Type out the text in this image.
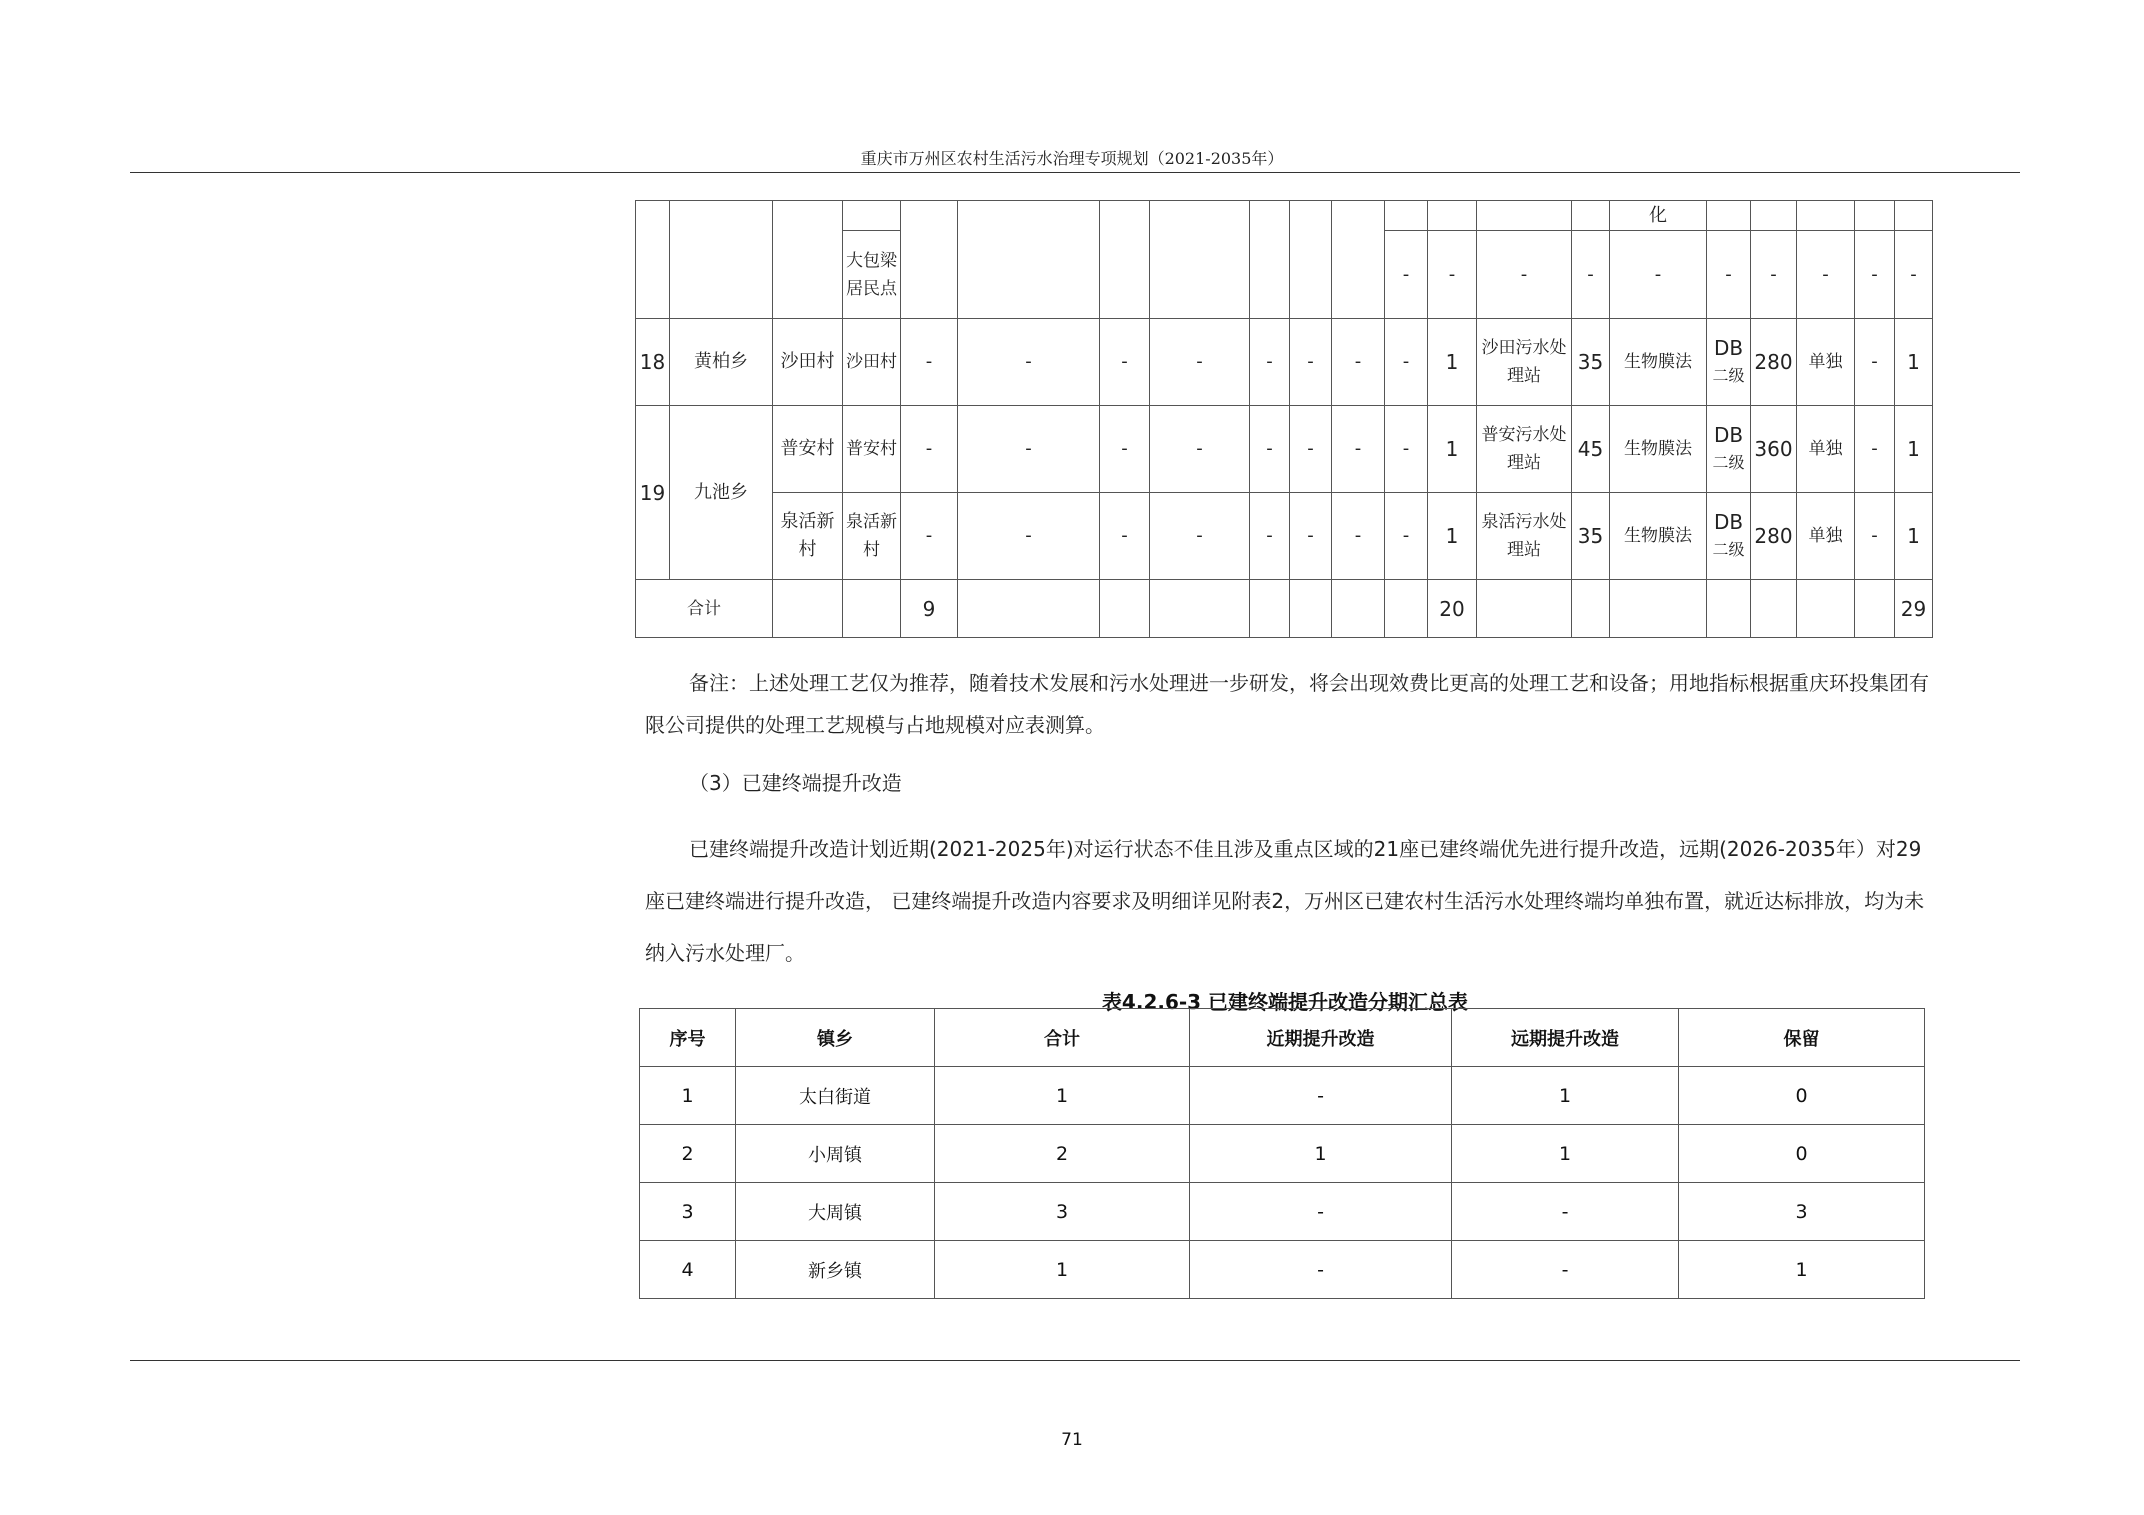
重庆市万州区农村生活污水治理专项规划（2021-2035年）
															化					
			大包梁居民点								-	-	-	-	-	-	-	-	-	-
18	黄柏乡	沙田村	沙田村	-	-	-	-	-	-	-	-	1	沙田污水处理站	35	生物膜法	DB
二级	280	单独	-	1
19	九池乡	普安村	普安村	-	-	-	-	-	-	-	-	1	普安污水处理站	45	生物膜法	DB
二级	360	单独	-	1
		泉活新村	泉活新村	-	-	-	-	-	-	-	-	1	泉活污水处理站	35	生物膜法	DB
二级	280	单独	-	1
合计				9								20								29
备注：上述处理工艺仅为推荐，随着技术发展和污水处理进一步研发，将会出现效费比更高的处理工艺和设备；用地指标根据重庆环投集团有限公司提供的处理工艺规模与占地规模对应表测算。
（3）已建终端提升改造
已建终端提升改造计划近期(2021-2025年)对运行状态不佳且涉及重点区域的21座已建终端优先进行提升改造，远期(2026-2035年）对29座已建终端进行提升改造， 已建终端提升改造内容要求及明细详见附表2，万州区已建农村生活污水处理终端均单独布置，就近达标排放，均为未纳入污水处理厂。
表4.2.6-3 已建终端提升改造分期汇总表
序号	镇乡	合计	近期提升改造	远期提升改造	保留
1	太白街道	1	-	1	0
2	小周镇	2	1	1	0
3	大周镇	3	-	-	3
4	新乡镇	1	-	-	1
71
